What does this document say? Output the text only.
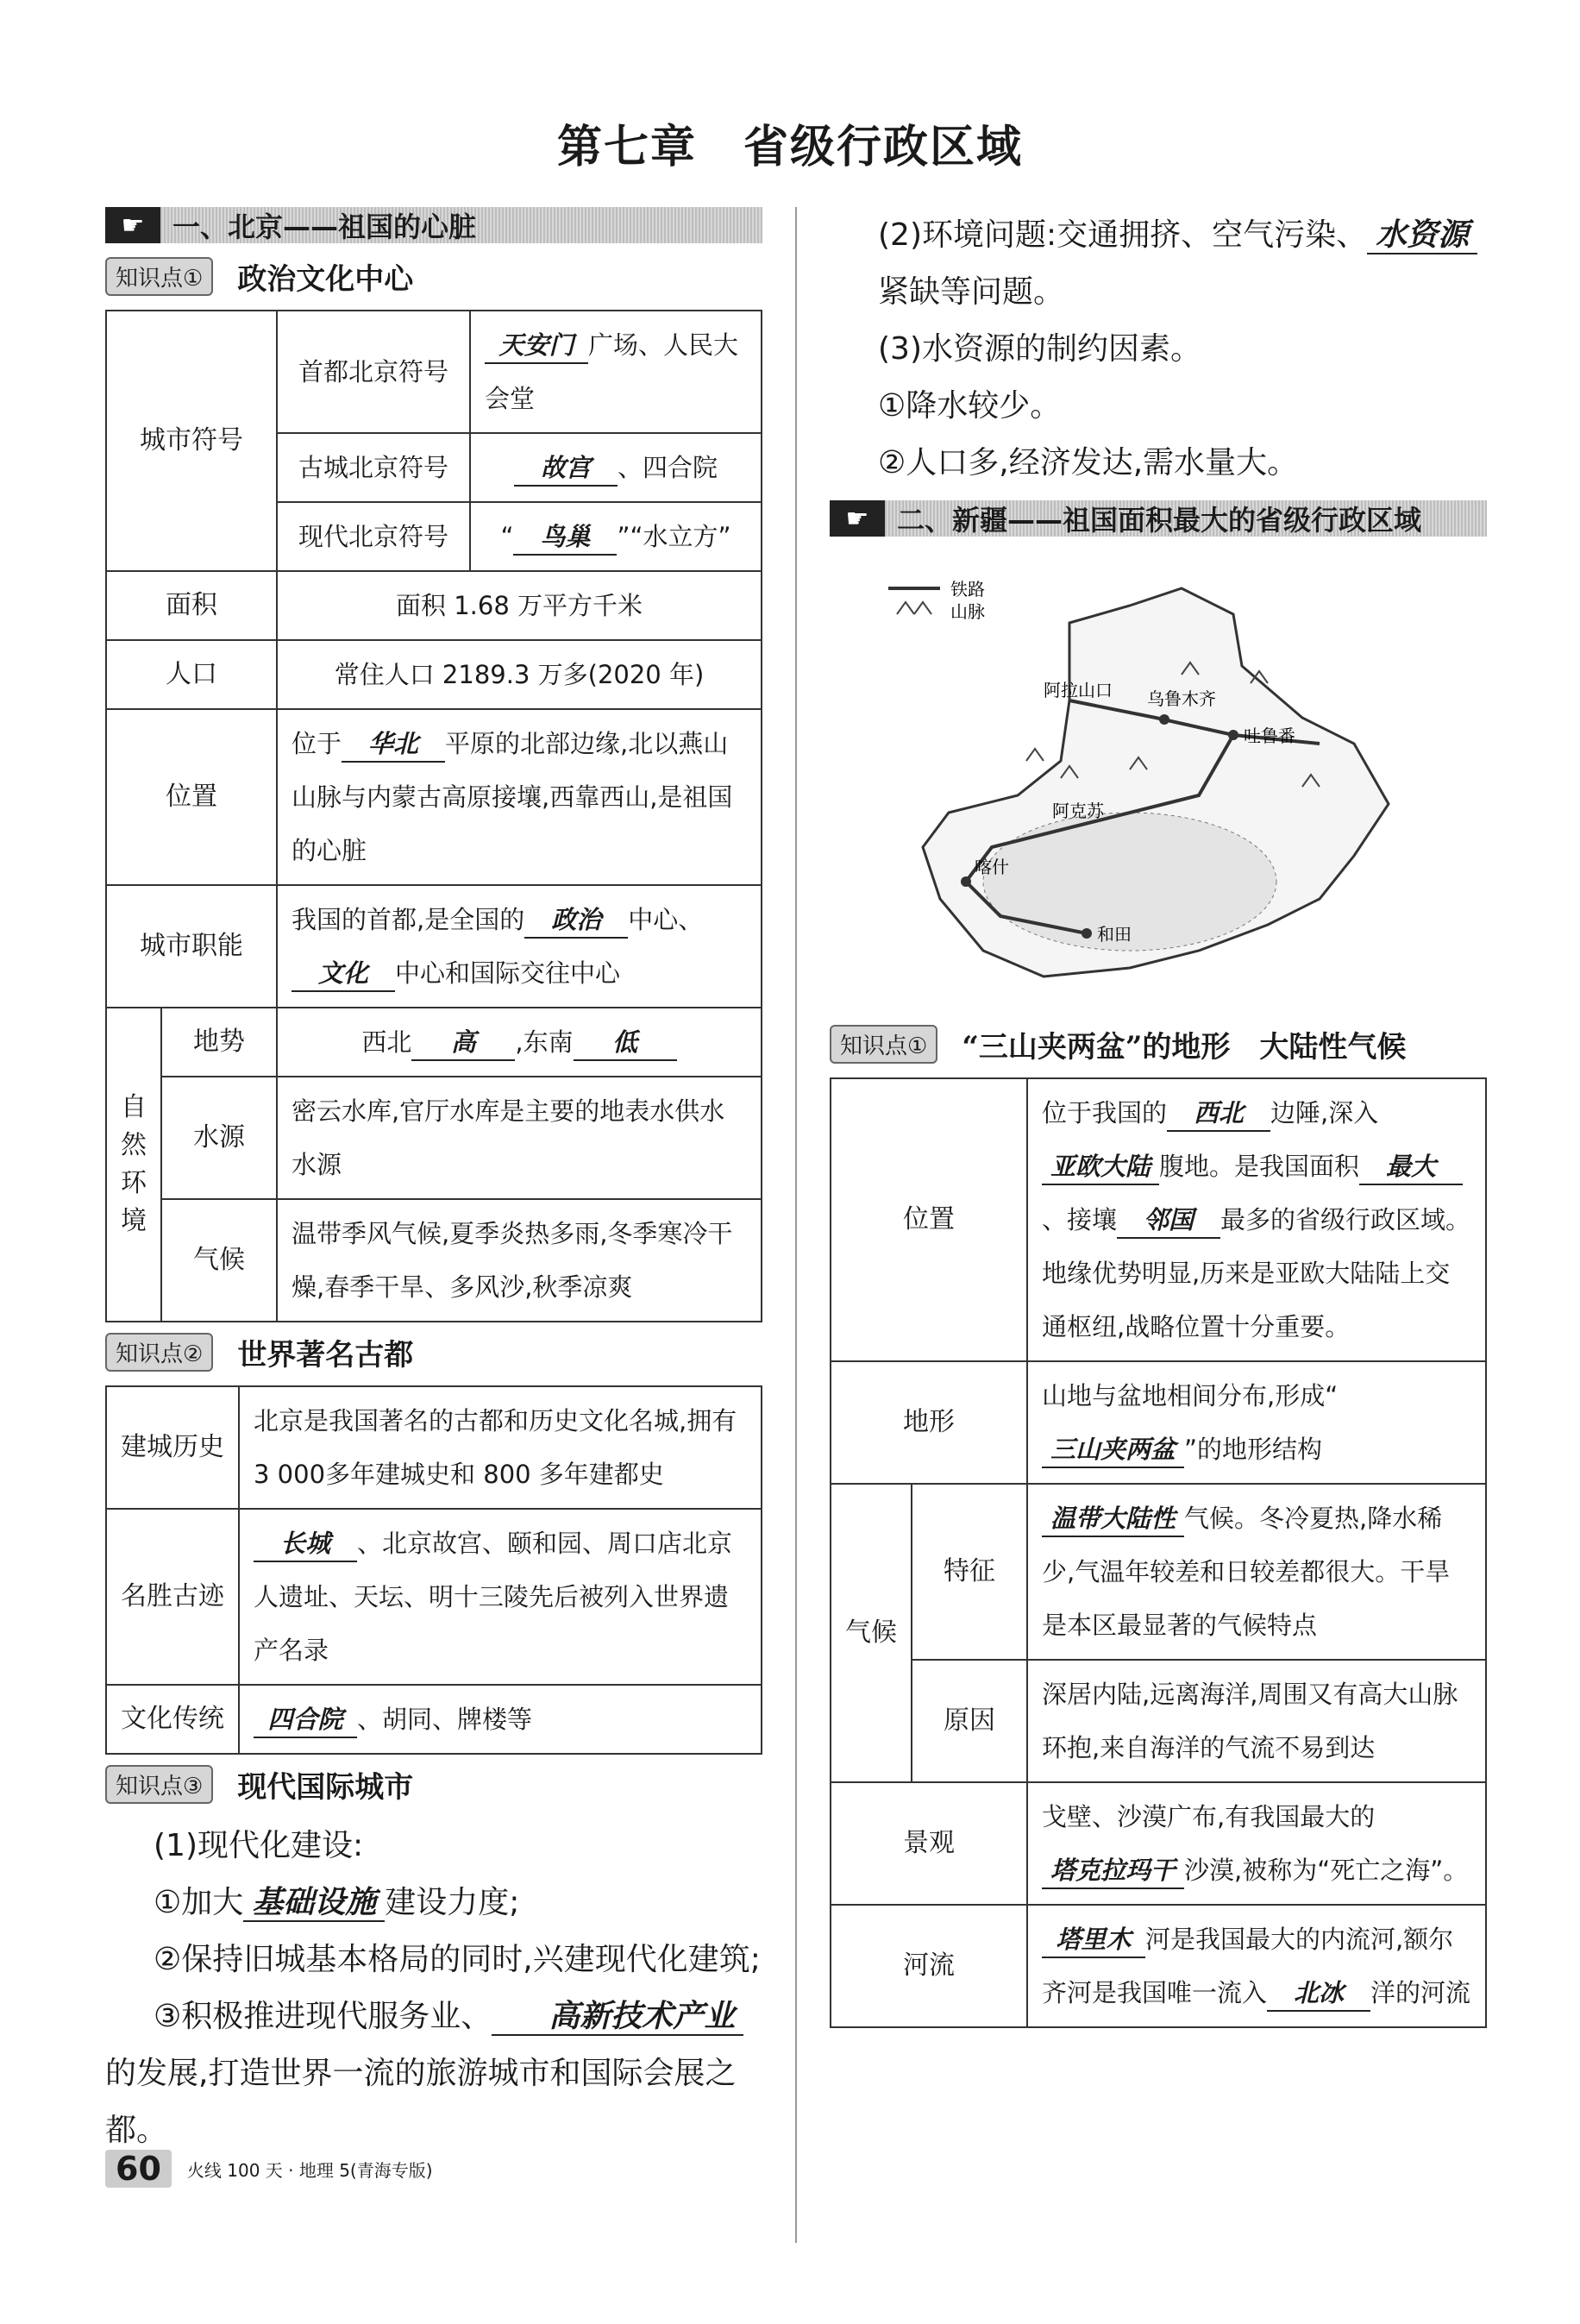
第七章　省级行政区域
☛	一、北京——祖国的心脏
知识点①	政治文化中心
城市符号		首都北京符号	天安门 广场、人民大会堂
		古城北京符号	故宫 、四合院
		现代北京符号	“ 鸟巢 ”“水立方”
面积		面积 1.68 万平方千米	
人口		常住人口 2189.3 万多(2020 年)	
位置		位于 华北 平原的北部边缘,北以燕山山脉与内蒙古高原接壤,西靠西山,是祖国的心脏	
城市职能		我国的首都,是全国的 政治 中心、文化 中心和国际交往中心	
自然环境	地势	西北 高 ,东南 低	
	水源	密云水库,官厅水库是主要的地表水供水水源	
	气候	温带季风气候,夏季炎热多雨,冬季寒冷干燥,春季干旱、多风沙,秋季凉爽	
知识点②	世界著名古都
建城历史	北京是我国著名的古都和历史文化名城,拥有3 000多年建城史和 800 多年建都史
名胜古迹	长城 、北京故宫、颐和园、周口店北京人遗址、天坛、明十三陵先后被列入世界遗产名录
文化传统	四合院 、胡同、牌楼等
知识点③	现代国际城市

(1)现代化建设:

①加大 基础设施 建设力度;

②保持旧城基本格局的同时,兴建现代化建筑;

③积极推进现代服务业、 高新技术产业的发展,打造世界一流的旅游城市和国际会展之都。

(2)环境问题:交通拥挤、空气污染、 水资源紧缺等问题。

(3)水资源的制约因素。

①降水较少。

②人口多,经济发达,需水量大。

☛	二、新疆——祖国面积最大的省级行政区域
铁路
山脉
阿拉山口 乌鲁木齐
吐鲁番
阿克苏
喀什
和田
知识点①	“三山夹两盆”的地形　大陆性气候
位置		位于我国的 西北 边陲,深入亚欧大陆 腹地。是我国面积 最大、接壤 邻国 最多的省级行政区域。地缘优势明显,历来是亚欧大陆陆上交通枢纽,战略位置十分重要。
地形		山地与盆地相间分布,形成“三山夹两盆 ”的地形结构
气候	特征	温带大陆性 气候。冬冷夏热,降水稀少,气温年较差和日较差都很大。干旱是本区最显著的气候特点
	原因	深居内陆,远离海洋,周围又有高大山脉环抱,来自海洋的气流不易到达
景观		戈壁、沙漠广布,有我国最大的塔克拉玛干 沙漠,被称为“死亡之海”。
河流		塔里木 河是我国最大的内流河,额尔齐河是我国唯一流入 北冰 洋的河流
60	火线 100 天 · 地理 5(青海专版)
